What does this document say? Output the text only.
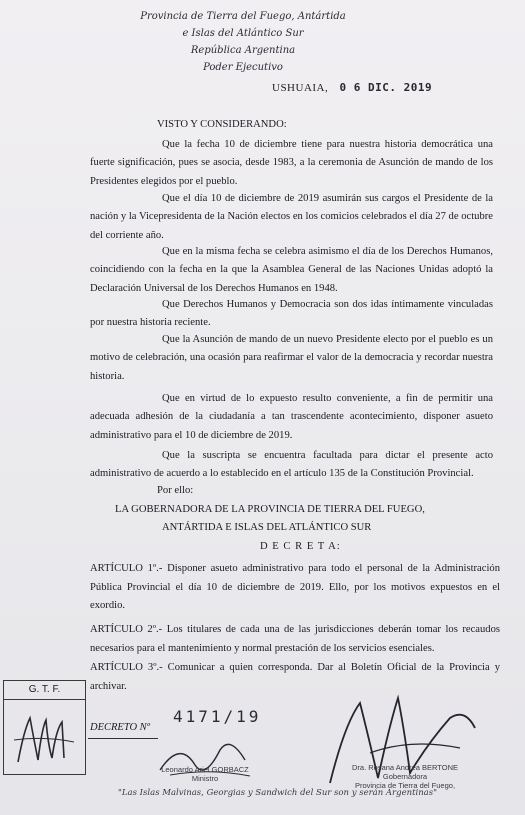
Provincia de Tierra del Fuego, Antártida
e Islas del Atlántico Sur
República Argentina
Poder Ejecutivo
USHUAIA, 0 6 DIC. 2019
VISTO Y CONSIDERANDO:
Que la fecha 10 de diciembre tiene para nuestra historia democrática una fuerte significación, pues se asocia, desde 1983, a la ceremonia de Asunción de mando de los Presidentes elegidos por el pueblo.
Que el día 10 de diciembre de 2019 asumirán sus cargos el Presidente de la nación y la Vicepresidenta de la Nación electos en los comicios celebrados el día 27 de octubre del corriente año.
Que en la misma fecha se celebra asimismo el día de los Derechos Humanos, coincidiendo con la fecha en la que la Asamblea General de las Naciones Unidas adoptó la Declaración Universal de los Derechos Humanos en 1948.
Que Derechos Humanos y Democracia son dos idas íntimamente vinculadas por nuestra historia reciente.
Que la Asunción de mando de un nuevo Presidente electo por el pueblo es un motivo de celebración, una ocasión para reafirmar el valor de la democracia y recordar nuestra historia.
Que en virtud de lo expuesto resulto conveniente, a fin de permitir una adecuada adhesión de la ciudadanía a tan trascendente acontecimiento, disponer asueto administrativo para el 10 de diciembre de 2019.
Que la suscripta se encuentra facultada para dictar el presente acto administrativo de acuerdo a lo establecido en el artículo 135 de la Constitución Provincial.
Por ello:
LA GOBERNADORA DE LA PROVINCIA DE TIERRA DEL FUEGO,
ANTÁRTIDA E ISLAS DEL ATLÁNTICO SUR
D E C R E T A:
ARTÍCULO 1º.- Disponer asueto administrativo para todo el personal de la Administración Pública Provincial el día 10 de diciembre de 2019. Ello, por los motivos expuestos en el exordio.
ARTÍCULO 2º.- Los titulares de cada una de las jurisdicciones deberán tomar los recaudos necesarios para el mantenimiento y normal prestación de los servicios esenciales.
ARTÍCULO 3º.- Comunicar a quien corresponda. Dar al Boletín Oficial de la Provincia y archivar.
G. T. F.
DECRETO Nº
4171/19
Leonardo Ariel GORBACZ
Ministro
Dra. Rosana Andrea BERTONE
Gobernadora
Provincia de Tierra del Fuego,
"Las Islas Malvinas, Georgias y Sandwich del Sur son y serán Argentinas"
